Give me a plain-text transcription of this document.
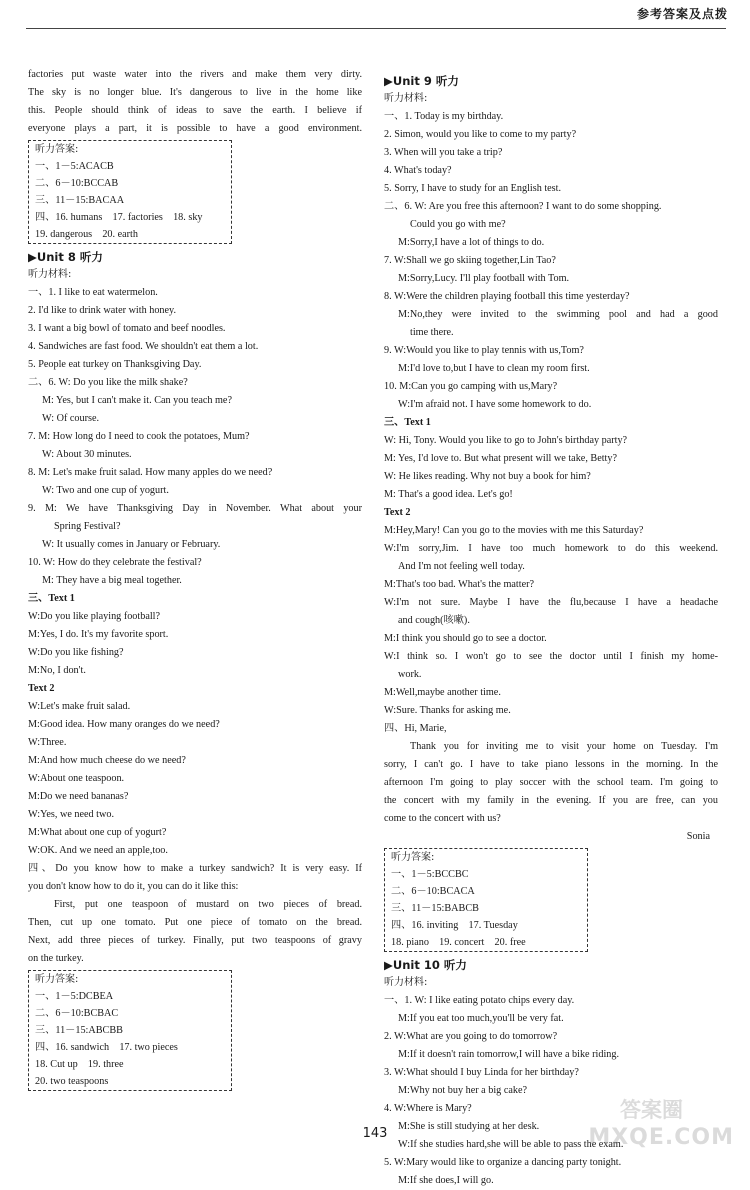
参考答案及点拨
factories put waste water into the rivers and make them very dirty.
The sky is no longer blue. It's dangerous to live in the home like
this. People should think of ideas to save the earth. I believe if
everyone plays a part, it is possible to have a good environment.
听力答案:
一、1－5:ACACB
二、6－10:BCCAB
三、11－15:BACAA
四、16. humans　17. factories　18. sky
19. dangerous　20. earth
▶Unit 8 听力
听力材料:
一、1. I like to eat watermelon.
2. I'd like to drink water with honey.
3. I want a big bowl of tomato and beef noodles.
4. Sandwiches are fast food. We shouldn't eat them a lot.
5. People eat turkey on Thanksgiving Day.
二、6. W: Do you like the milk shake?
M: Yes, but I can't make it. Can you teach me?
W: Of course.
7. M: How long do I need to cook the potatoes, Mum?
W: About 30 minutes.
8. M: Let's make fruit salad. How many apples do we need?
W: Two and one cup of yogurt.
9. M: We have Thanksgiving Day in November. What about your
Spring Festival?
W: It usually comes in January or February.
10. W: How do they celebrate the festival?
M: They have a big meal together.
三、Text 1
W:Do you like playing football?
M:Yes, I do. It's my favorite sport.
W:Do you like fishing?
M:No, I don't.
Text 2
W:Let's make fruit salad.
M:Good idea. How many oranges do we need?
W:Three.
M:And how much cheese do we need?
W:About one teaspoon.
M:Do we need bananas?
W:Yes, we need two.
M:What about one cup of yogurt?
W:OK. And we need an apple,too.
四、Do you know how to make a turkey sandwich? It is very easy. If
you don't know how to do it, you can do it like this:
First, put one teaspoon of mustard on two pieces of bread.
Then, cut up one tomato. Put one piece of tomato on the bread.
Next, add three pieces of turkey. Finally, put two teaspoons of gravy
on the turkey.
听力答案:
一、1－5:DCBEA
二、6－10:BCBAC
三、11－15:ABCBB
四、16. sandwich　17. two pieces
18. Cut up　19. three
20. two teaspoons
▶Unit 9 听力
听力材料:
一、1. Today is my birthday.
2. Simon, would you like to come to my party?
3. When will you take a trip?
4. What's today?
5. Sorry, I have to study for an English test.
二、6. W: Are you free this afternoon? I want to do some shopping.
Could you go with me?
M:Sorry,I have a lot of things to do.
7. W:Shall we go skiing together,Lin Tao?
M:Sorry,Lucy. I'll play football with Tom.
8. W:Were the children playing football this time yesterday?
M:No,they were invited to the swimming pool and had a good
time there.
9. W:Would you like to play tennis with us,Tom?
M:I'd love to,but I have to clean my room first.
10. M:Can you go camping with us,Mary?
W:I'm afraid not. I have some homework to do.
三、Text 1
W: Hi, Tony. Would you like to go to John's birthday party?
M: Yes, I'd love to. But what present will we take, Betty?
W: He likes reading. Why not buy a book for him?
M: That's a good idea. Let's go!
Text 2
M:Hey,Mary! Can you go to the movies with me this Saturday?
W:I'm sorry,Jim. I have too much homework to do this weekend.
And I'm not feeling well today.
M:That's too bad. What's the matter?
W:I'm not sure. Maybe I have the flu,because I have a headache
and cough(咳嗽).
M:I think you should go to see a doctor.
W:I think so. I won't go to see the doctor until I finish my home-
work.
M:Well,maybe another time.
W:Sure. Thanks for asking me.
四、Hi, Marie,
Thank you for inviting me to visit your home on Tuesday. I'm
sorry, I can't go. I have to take piano lessons in the morning. In the
afternoon I'm going to play soccer with the school team. I'm going to
the concert with my family in the evening. If you are free, can you
come to the concert with us?
Sonia
听力答案:
一、1－5:BCCBC
二、6－10:BCACA
三、11－15:BABCB
四、16. inviting　17. Tuesday
18. piano　19. concert　20. free
▶Unit 10 听力
听力材料:
一、1. W: I like eating potato chips every day.
M:If you eat too much,you'll be very fat.
2. W:What are you going to do tomorrow?
M:If it doesn't rain tomorrow,I will have a bike riding.
3. W:What should I buy Linda for her birthday?
M:Why not buy her a big cake?
4. W:Where is Mary?
M:She is still studying at her desk.
W:If she studies hard,she will be able to pass the exam.
5. W:Mary would like to organize a dancing party tonight.
M:If she does,I will go.
143
答案圈
MXQE.COM
